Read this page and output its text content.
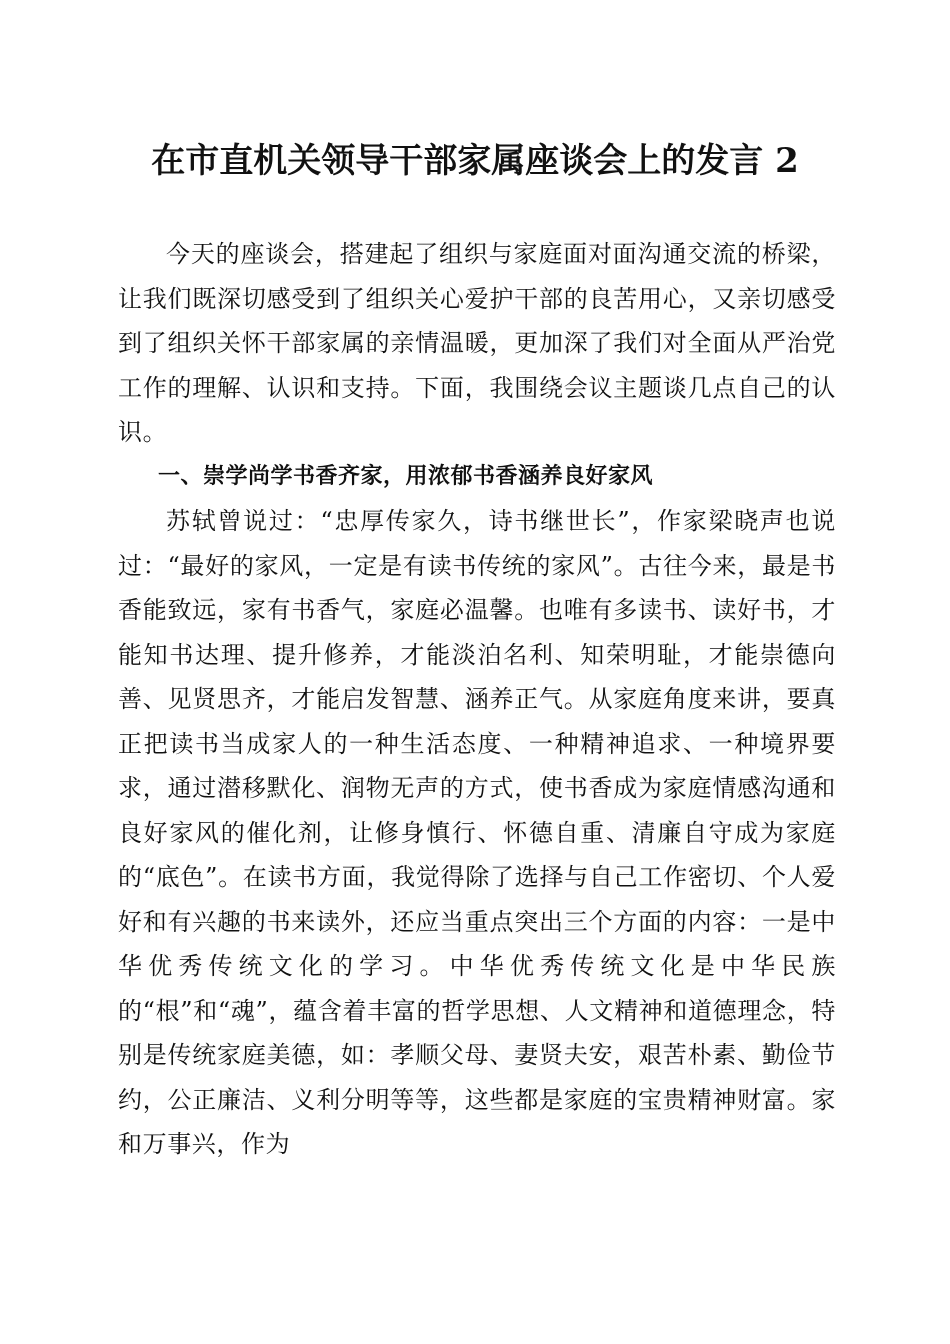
在市直机关领导干部家属座谈会上的发言 2

今天的座谈会，搭建起了组织与家庭面对面沟通交流的桥梁，让我们既深切感受到了组织关心爱护干部的良苦用心，又亲切感受到了组织关怀干部家属的亲情温暖，更加深了我们对全面从严治党工作的理解、认识和支持。下面，我围绕会议主题谈几点自己的认识。

一、崇学尚学书香齐家，用浓郁书香涵养良好家风

苏轼曾说过：“忠厚传家久，诗书继世长”，作家梁晓声也说过：“最好的家风，一定是有读书传统的家风”。古往今来，最是书香能致远，家有书香气，家庭必温馨。也唯有多读书、读好书，才能知书达理、提升修养，才能淡泊名利、知荣明耻，才能崇德向善、见贤思齐，才能启发智慧、涵养正气。从家庭角度来讲，要真正把读书当成家人的一种生活态度、一种精神追求、一种境界要求，通过潜移默化、润物无声的方式，使书香成为家庭情感沟通和良好家风的催化剂，让修身慎行、怀德自重、清廉自守成为家庭的“底色”。在读书方面，我觉得除了选择与自己工作密切、个人爱好和有兴趣的书来读外，还应当重点突出三个方面的内容：一是中华优秀传统文化的学习。中华优秀传统文化是中华民族的“根”和“魂”，蕴含着丰富的哲学思想、人文精神和道德理念，特别是传统家庭美德，如：孝顺父母、妻贤夫安，艰苦朴素、勤俭节约，公正廉洁、义利分明等等，这些都是家庭的宝贵精神财富。家和万事兴，作为
